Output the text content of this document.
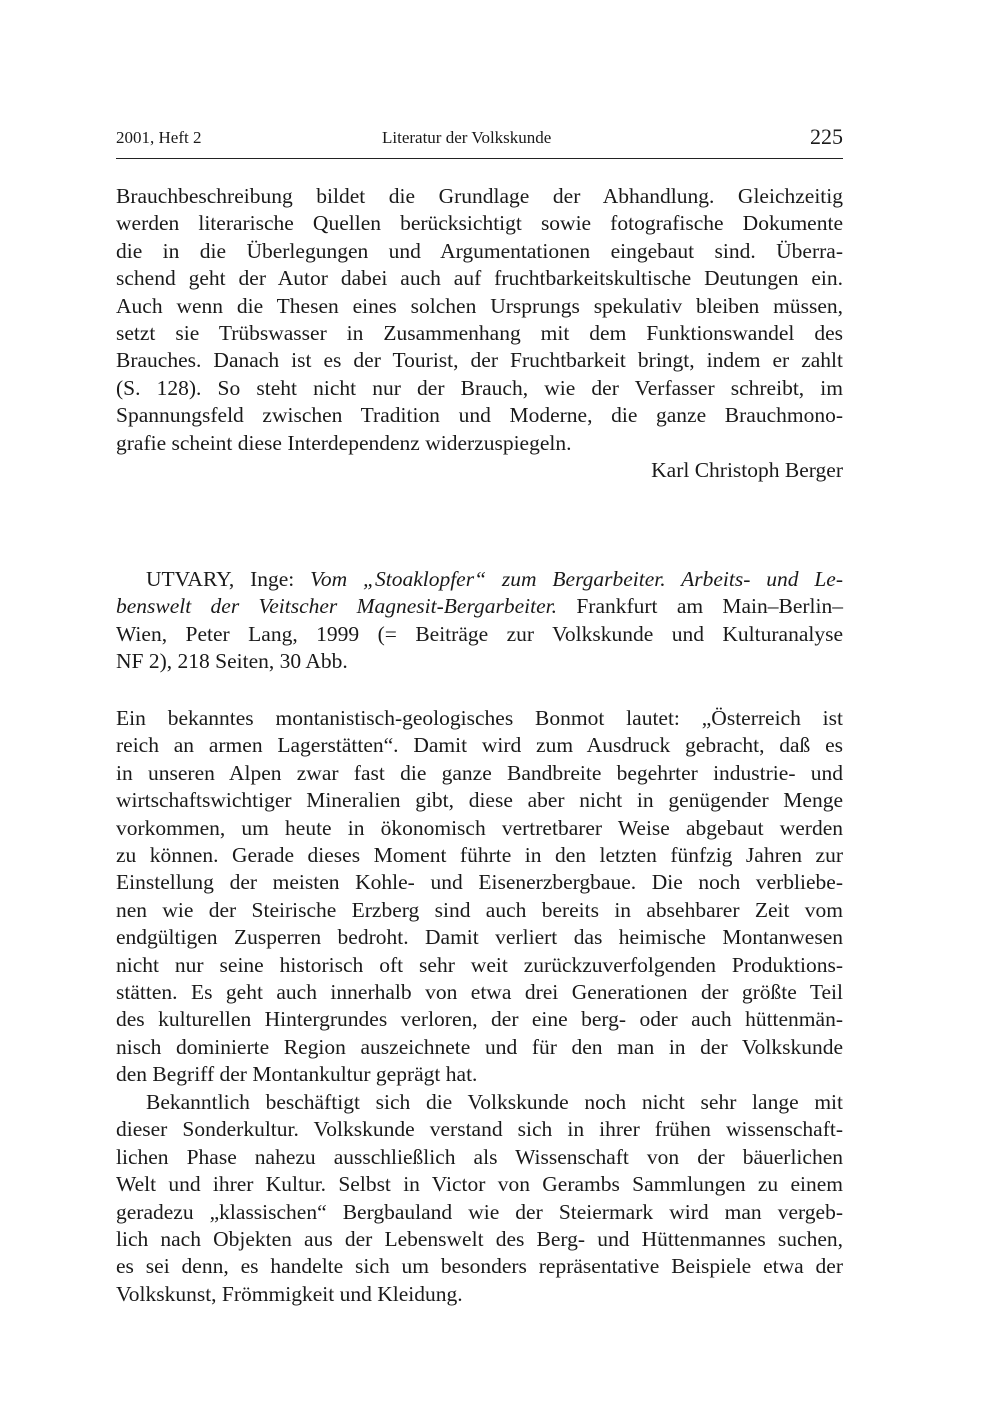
2001, Heft 2	Literatur der Volkskunde	225
Brauchbeschreibung bildet die Grundlage der Abhandlung. Gleichzeitig
werden literarische Quellen berücksichtigt sowie fotografische Dokumente
die in die Überlegungen und Argumentationen eingebaut sind. Überra-
schend geht der Autor dabei auch auf fruchtbarkeitskultische Deutungen ein.
Auch wenn die Thesen eines solchen Ursprungs spekulativ bleiben müssen,
setzt sie Trübswasser in Zusammenhang mit dem Funktionswandel des
Brauches. Danach ist es der Tourist, der Fruchtbarkeit bringt, indem er zahlt
(S. 128). So steht nicht nur der Brauch, wie der Verfasser schreibt, im
Spannungsfeld zwischen Tradition und Moderne, die ganze Brauchmono-
grafie scheint diese Interdependenz widerzuspiegeln.
Karl Christoph Berger
UTVARY, Inge: Vom „Stoaklopfer“ zum Bergarbeiter. Arbeits- und Le-
benswelt der Veitscher Magnesit-Bergarbeiter. Frankfurt am Main–Berlin–
Wien, Peter Lang, 1999 (= Beiträge zur Volkskunde und Kulturanalyse
NF 2), 218 Seiten, 30 Abb.
Ein bekanntes montanistisch-geologisches Bonmot lautet: „Österreich ist
reich an armen Lagerstätten“. Damit wird zum Ausdruck gebracht, daß es
in unseren Alpen zwar fast die ganze Bandbreite begehrter industrie- und
wirtschaftswichtiger Mineralien gibt, diese aber nicht in genügender Menge
vorkommen, um heute in ökonomisch vertretbarer Weise abgebaut werden
zu können. Gerade dieses Moment führte in den letzten fünfzig Jahren zur
Einstellung der meisten Kohle- und Eisenerzbergbaue. Die noch verbliebe-
nen wie der Steirische Erzberg sind auch bereits in absehbarer Zeit vom
endgültigen Zusperren bedroht. Damit verliert das heimische Montanwesen
nicht nur seine historisch oft sehr weit zurückzuverfolgenden Produktions-
stätten. Es geht auch innerhalb von etwa drei Generationen der größte Teil
des kulturellen Hintergrundes verloren, der eine berg- oder auch hüttenmän-
nisch dominierte Region auszeichnete und für den man in der Volkskunde
den Begriff der Montankultur geprägt hat.
Bekanntlich beschäftigt sich die Volkskunde noch nicht sehr lange mit
dieser Sonderkultur. Volkskunde verstand sich in ihrer frühen wissenschaft-
lichen Phase nahezu ausschließlich als Wissenschaft von der bäuerlichen
Welt und ihrer Kultur. Selbst in Victor von Gerambs Sammlungen zu einem
geradezu „klassischen“ Bergbauland wie der Steiermark wird man vergeb-
lich nach Objekten aus der Lebenswelt des Berg- und Hüttenmannes suchen,
es sei denn, es handelte sich um besonders repräsentative Beispiele etwa der
Volkskunst, Frömmigkeit und Kleidung.
